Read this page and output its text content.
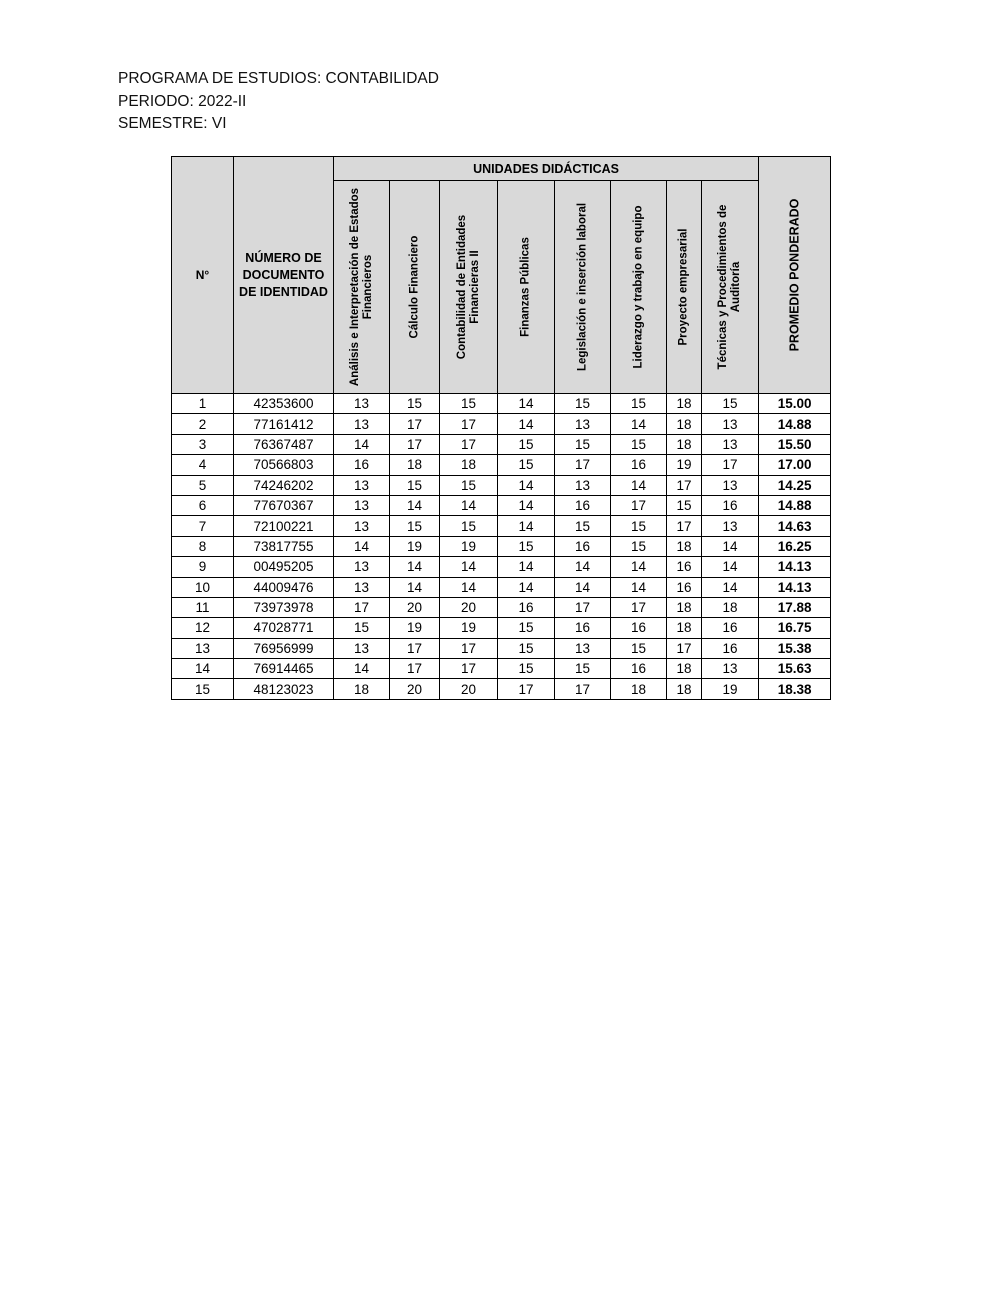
PROGRAMA DE ESTUDIOS: CONTABILIDAD
PERIODO: 2022-II
SEMESTRE: VI
N°	NÚMERO DE DOCUMENTO DE IDENTIDAD	UNIDADES DIDÁCTICAS								PROMEDIO PONDERADO

		Análisis e Interpretación de Estados Financieros	Cálculo Financiero	Contabilidad de Entidades Financieras II	Finanzas Públicas	Legislación e inserción laboral	Liderazgo y trabajo en equipo	Proyecto empresarial	Técnicas y Procedimientos de Auditoría	

1	42353600	13	15	15	14	15	15	18	15	15.00
2	77161412	13	17	17	14	13	14	18	13	14.88
3	76367487	14	17	17	15	15	15	18	13	15.50
4	70566803	16	18	18	15	17	16	19	17	17.00
5	74246202	13	15	15	14	13	14	17	13	14.25
6	77670367	13	14	14	14	16	17	15	16	14.88
7	72100221	13	15	15	14	15	15	17	13	14.63
8	73817755	14	19	19	15	16	15	18	14	16.25
9	00495205	13	14	14	14	14	14	16	14	14.13
10	44009476	13	14	14	14	14	14	16	14	14.13
11	73973978	17	20	20	16	17	17	18	18	17.88
12	47028771	15	19	19	15	16	16	18	16	16.75
13	76956999	13	17	17	15	13	15	17	16	15.38
14	76914465	14	17	17	15	15	16	18	13	15.63
15	48123023	18	20	20	17	17	18	18	19	18.38
